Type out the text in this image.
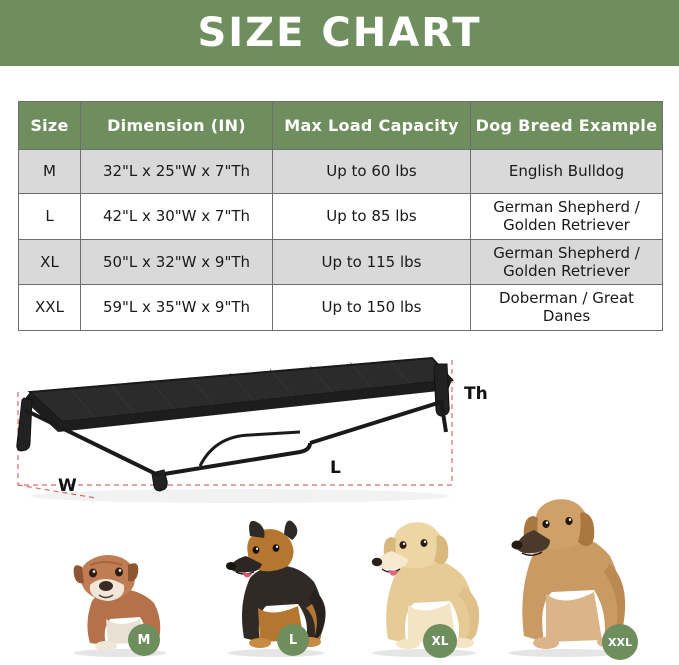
SIZE CHART
Size	Dimension (IN)	Max Load Capacity	Dog Breed Example
M	32"L x 25"W x 7"Th	Up to 60 lbs	English Bulldog
L	42"L x 30"W x 7"Th	Up to 85 lbs	German Shepherd / Golden Retriever
XL	50"L x 32"W x 9"Th	Up to 115 lbs	German Shepherd / Golden Retriever
XXL	59"L x 35"W x 9"Th	Up to 150 lbs	Doberman / Great Danes
Th
L
W
M	L	XL	XXL
